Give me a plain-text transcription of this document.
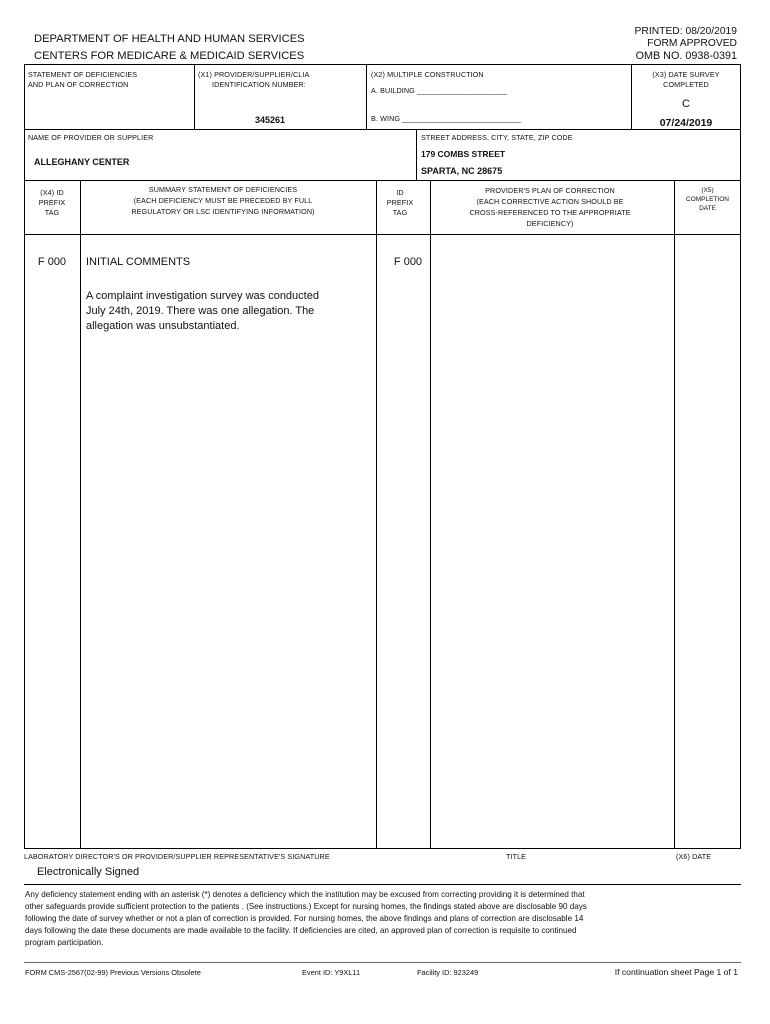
DEPARTMENT OF HEALTH AND HUMAN SERVICES
CENTERS FOR MEDICARE & MEDICAID SERVICES
PRINTED: 08/20/2019
FORM APPROVED
OMB NO. 0938-0391
STATEMENT OF DEFICIENCIES
AND PLAN OF CORRECTION
(X1) PROVIDER/SUPPLIER/CLIA
IDENTIFICATION NUMBER:
345261
(X2) MULTIPLE CONSTRUCTION
A. BUILDING ______________________
B. WING _____________________________
(X3) DATE SURVEY
COMPLETED
C
07/24/2019
NAME OF PROVIDER OR SUPPLIER
ALLEGHANY CENTER
STREET ADDRESS, CITY, STATE, ZIP CODE
179 COMBS STREET
SPARTA, NC 28675
(X4) ID
PREFIX
TAG
SUMMARY STATEMENT OF DEFICIENCIES
(EACH DEFICIENCY MUST BE PRECEDED BY FULL
REGULATORY OR LSC IDENTIFYING INFORMATION)
ID
PREFIX
TAG
PROVIDER'S PLAN OF CORRECTION
(EACH CORRECTIVE ACTION SHOULD BE
CROSS-REFERENCED TO THE APPROPRIATE
DEFICIENCY)
(X5)
COMPLETION
DATE
F 000	INITIAL COMMENTS
A complaint investigation survey was conducted
July 24th, 2019. There was one allegation. The
allegation was unsubstantiated.
F 000
LABORATORY DIRECTOR'S OR PROVIDER/SUPPLIER REPRESENTATIVE'S SIGNATURE	TITLE	(X6) DATE
Electronically Signed
Any deficiency statement ending with an asterisk (*) denotes a deficiency which the institution may be excused from correcting providing it is determined that
other safeguards provide sufficient protection to the patients . (See instructions.) Except for nursing homes, the findings stated above are disclosable 90 days
following the date of survey whether or not a plan of correction is provided. For nursing homes, the above findings and plans of correction are disclosable 14
days following the date these documents are made available to the facility. If deficiencies are cited, an approved plan of correction is requisite to continued
program participation.
FORM CMS-2567(02-99) Previous Versions Obsolete	Event ID: Y9XL11	Facility ID: 923249	If continuation sheet Page 1 of 1
